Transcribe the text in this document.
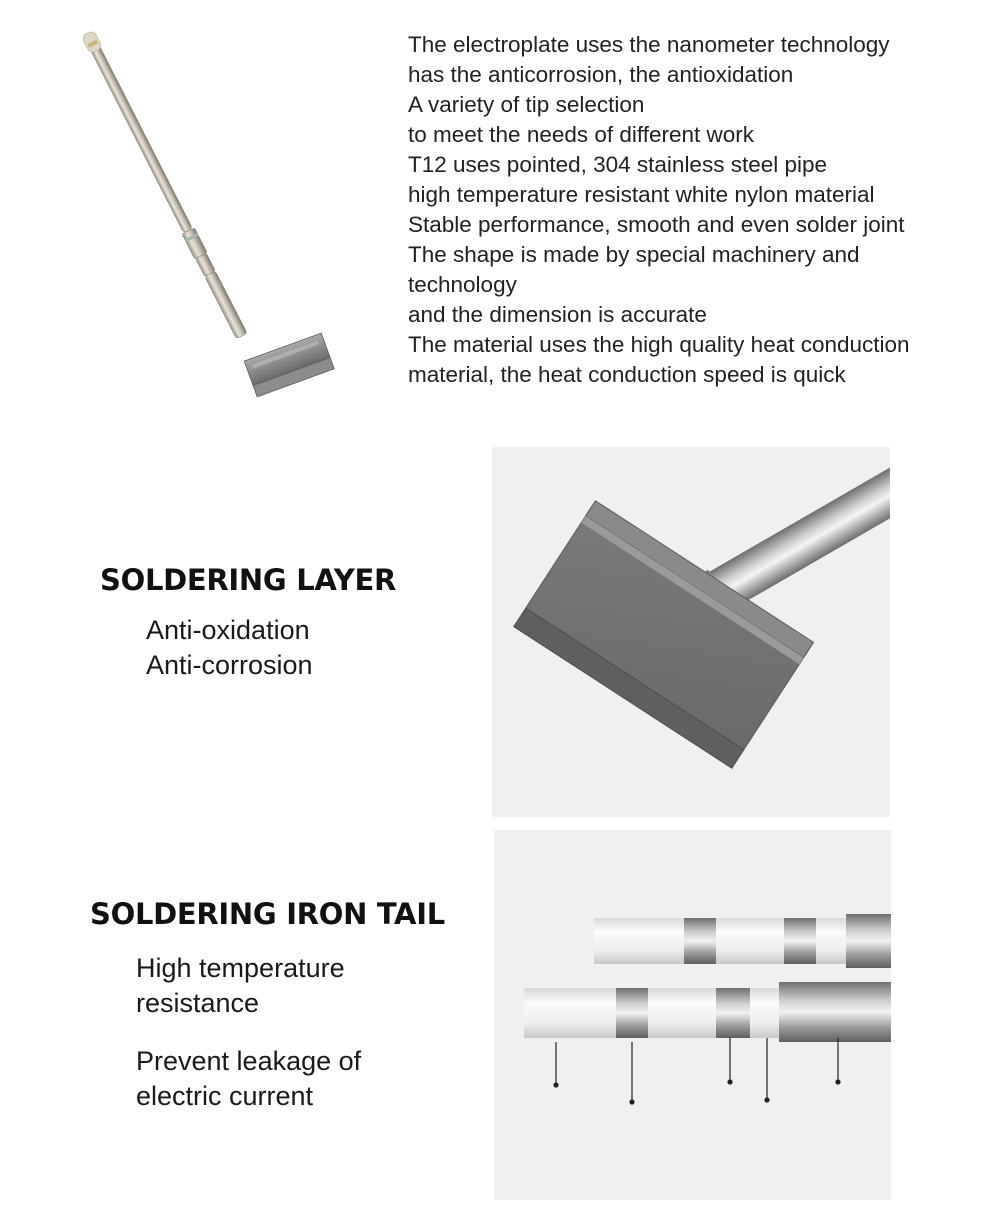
The electroplate uses the nanometer technology
has the anticorrosion, the antioxidation
A variety of tip selection
to meet the needs of different work
T12 uses pointed, 304 stainless steel pipe
high temperature resistant white nylon material
Stable performance, smooth and even solder joint
The shape is made by special machinery and
technology
and the dimension is accurate
The material uses the high quality heat conduction
material, the heat conduction speed is quick
SOLDERING LAYER
Anti-oxidation
Anti-corrosion
SOLDERING IRON TAIL
High temperature
resistance
Prevent leakage of
electric current
